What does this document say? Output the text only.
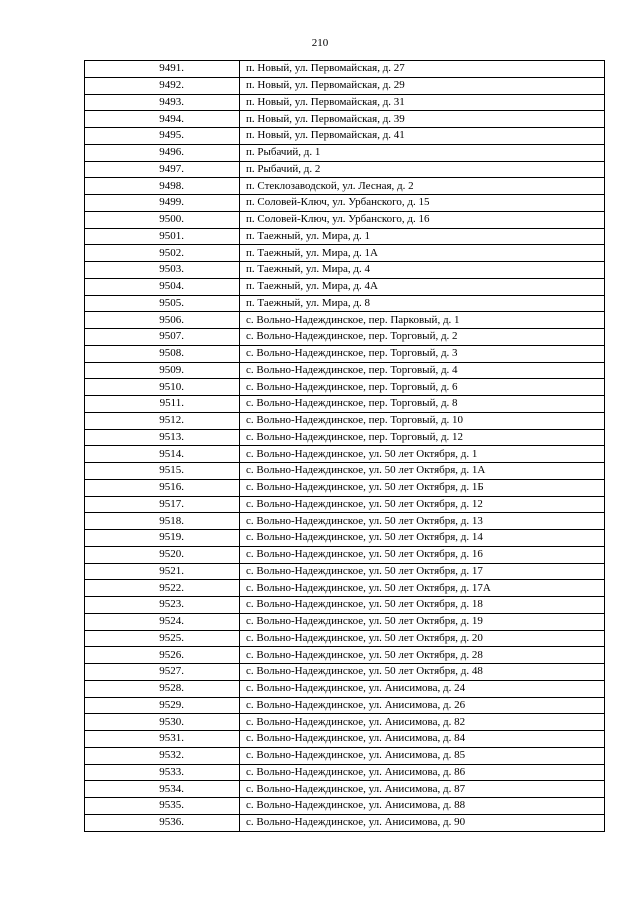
210
9491.	п. Новый, ул. Первомайская, д. 27
9492.	п. Новый, ул. Первомайская, д. 29
9493.	п. Новый, ул. Первомайская, д. 31
9494.	п. Новый, ул. Первомайская, д. 39
9495.	п. Новый, ул. Первомайская, д. 41
9496.	п. Рыбачий, д. 1
9497.	п. Рыбачий, д. 2
9498.	п. Стеклозаводской, ул. Лесная, д. 2
9499.	п. Соловей-Ключ, ул. Урбанского, д. 15
9500.	п. Соловей-Ключ, ул. Урбанского, д. 16
9501.	п. Таежный, ул. Мира, д. 1
9502.	п. Таежный, ул. Мира, д. 1А
9503.	п. Таежный, ул. Мира, д. 4
9504.	п. Таежный, ул. Мира, д. 4А
9505.	п. Таежный, ул. Мира, д. 8
9506.	с. Вольно-Надеждинское, пер. Парковый, д. 1
9507.	с. Вольно-Надеждинское, пер. Торговый, д. 2
9508.	с. Вольно-Надеждинское, пер. Торговый, д. 3
9509.	с. Вольно-Надеждинское, пер. Торговый, д. 4
9510.	с. Вольно-Надеждинское, пер. Торговый, д. 6
9511.	с. Вольно-Надеждинское, пер. Торговый, д. 8
9512.	с. Вольно-Надеждинское, пер. Торговый, д. 10
9513.	с. Вольно-Надеждинское, пер. Торговый, д. 12
9514.	с. Вольно-Надеждинское, ул. 50 лет Октября, д. 1
9515.	с. Вольно-Надеждинское, ул. 50 лет Октября, д. 1А
9516.	с. Вольно-Надеждинское, ул. 50 лет Октября, д. 1Б
9517.	с. Вольно-Надеждинское, ул. 50 лет Октября, д. 12
9518.	с. Вольно-Надеждинское, ул. 50 лет Октября, д. 13
9519.	с. Вольно-Надеждинское, ул. 50 лет Октября, д. 14
9520.	с. Вольно-Надеждинское, ул. 50 лет Октября, д. 16
9521.	с. Вольно-Надеждинское, ул. 50 лет Октября, д. 17
9522.	с. Вольно-Надеждинское, ул. 50 лет Октября, д. 17А
9523.	с. Вольно-Надеждинское, ул. 50 лет Октября, д. 18
9524.	с. Вольно-Надеждинское, ул. 50 лет Октября, д. 19
9525.	с. Вольно-Надеждинское, ул. 50 лет Октября, д. 20
9526.	с. Вольно-Надеждинское, ул. 50 лет Октября, д. 28
9527.	с. Вольно-Надеждинское, ул. 50 лет Октября, д. 48
9528.	с. Вольно-Надеждинское, ул. Анисимова, д. 24
9529.	с. Вольно-Надеждинское, ул. Анисимова, д. 26
9530.	с. Вольно-Надеждинское, ул. Анисимова, д. 82
9531.	с. Вольно-Надеждинское, ул. Анисимова, д. 84
9532.	с. Вольно-Надеждинское, ул. Анисимова, д. 85
9533.	с. Вольно-Надеждинское, ул. Анисимова, д. 86
9534.	с. Вольно-Надеждинское, ул. Анисимова, д. 87
9535.	с. Вольно-Надеждинское, ул. Анисимова, д. 88
9536.	с. Вольно-Надеждинское, ул. Анисимова, д. 90
